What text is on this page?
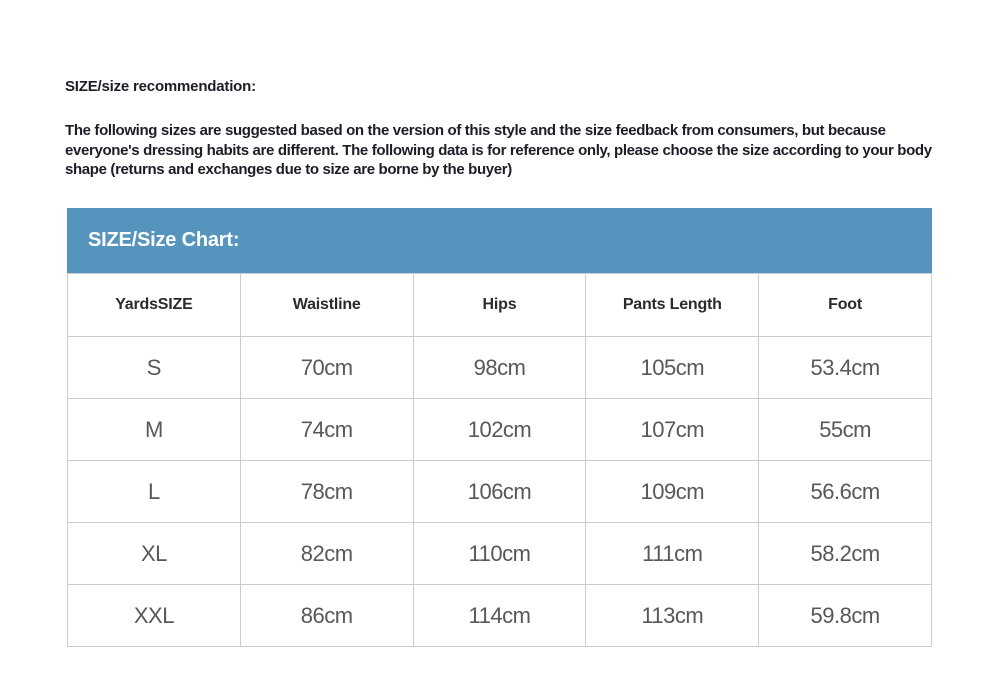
SIZE/size recommendation:
The following sizes are suggested based on the version of this style and the size feedback from consumers, but because everyone's dressing habits are different. The following data is for reference only, please choose the size according to your body shape (returns and exchanges due to size are borne by the buyer)
SIZE/Size Chart:
YardsSIZE	Waistline	Hips	Pants Length	Foot
S	70cm	98cm	105cm	53.4cm
M	74cm	102cm	107cm	55cm
L	78cm	106cm	109cm	56.6cm
XL	82cm	110cm	111cm	58.2cm
XXL	86cm	114cm	113cm	59.8cm
